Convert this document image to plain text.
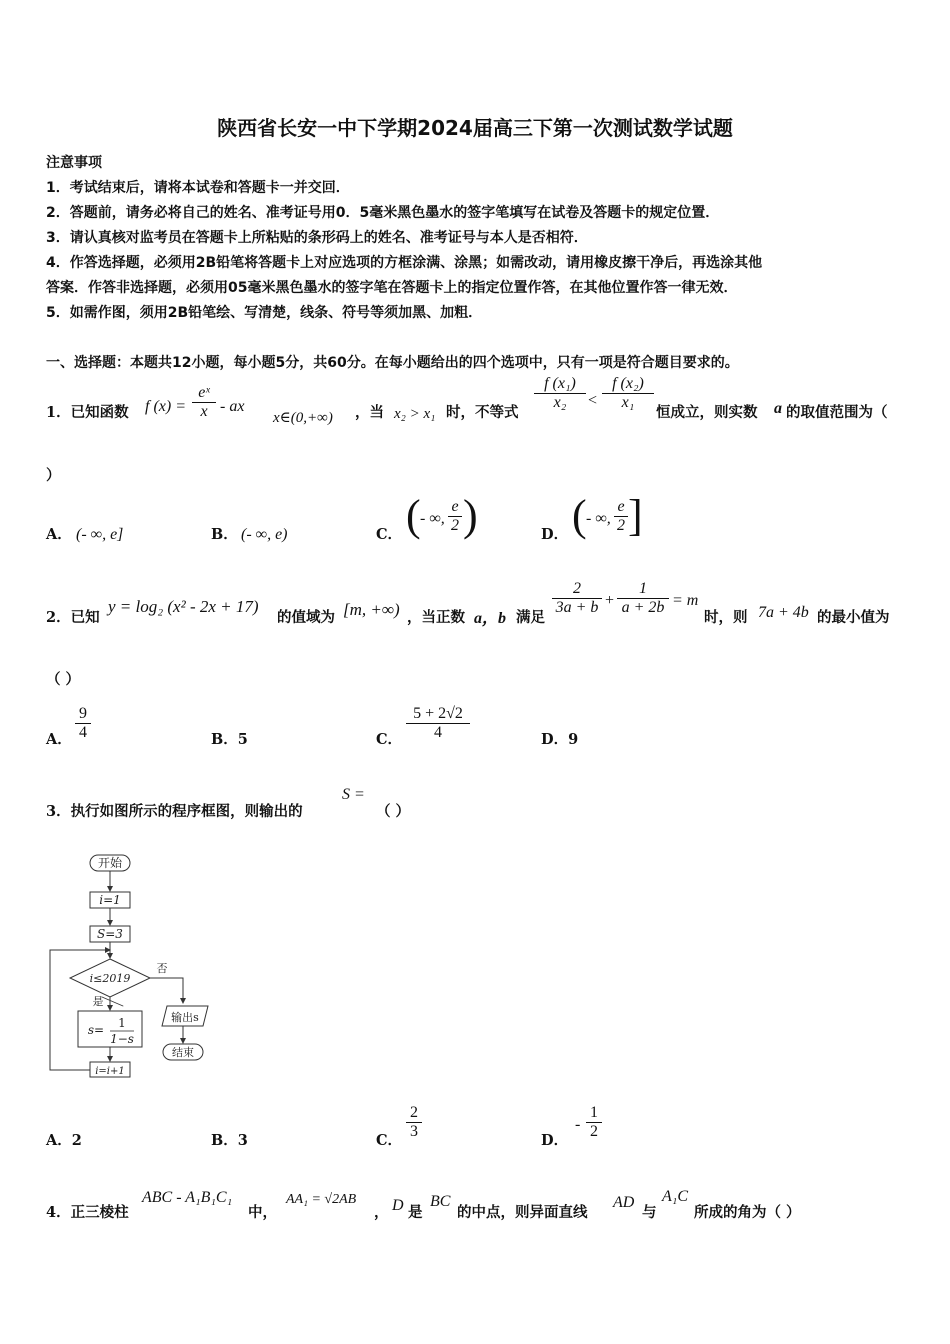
陕西省长安一中下学期2024届高三下第一次测试数学试题
注意事项
1．考试结束后，请将本试卷和答题卡一并交回．
2．答题前，请务必将自己的姓名、准考证号用0．5毫米黑色墨水的签字笔填写在试卷及答题卡的规定位置．
3．请认真核对监考员在答题卡上所粘贴的条形码上的姓名、准考证号与本人是否相符．
4．作答选择题，必须用2B铅笔将答题卡上对应选项的方框涂满、涂黑；如需改动，请用橡皮擦干净后，再选涂其他
答案．作答非选择题，必须用05毫米黑色墨水的签字笔在答题卡上的指定位置作答，在其他位置作答一律无效．
5．如需作图，须用2B铅笔绘、写清楚，线条、符号等须加黑、加粗．
一、选择题：本题共12小题，每小题5分，共60分。在每小题给出的四个选项中，只有一项是符合题目要求的。
1．已知函数 f $(x) = \frac{\text{eˣ}}{x}$ - ax
x∈(0,+∞) ，当 x₂ > x₁ 时，不等式
$\frac{\text{f (x₁)}}{\text{x₂}} < \frac{\text{f (x₂)}}{\text{x₁}}$
恒成立，则实数 a 的取值范围为（
）
A． (- ∞, e]	B． (- ∞, e)	C． ( - ∞, $\frac{e}{2}$ )	D． ( - ∞, $\frac{e}{2}$ ]
2．已知
y = log₂ (x² - 2x + 17)
的值域为 [m, +∞) ，当正数 a，b 满足
$\frac{2}{3a + b} + \frac{1}{a + 2b} = m$
时，则 7a + 4b 的最小值为
（ ）
A． $\frac{9}{4}$	B．5	C． $\frac{5 + 2√2}{4}$	D．9
3．执行如图所示的程序框图，则输出的
S =
（ ）
开始
i=1
S=3
i≤2019
否
是
s= 1
1−s
输出s
结束
i=i+1
A．2	B．3	C． $\frac{2}{3}$	D．
- $\frac{1}{2}$
4．正三棱柱
ABC - A₁B₁C₁
中，
AA₁ = √2AB
， D 是
BC
的中点，则异面直线
AD
与
A₁C
所成的角为（ ）
